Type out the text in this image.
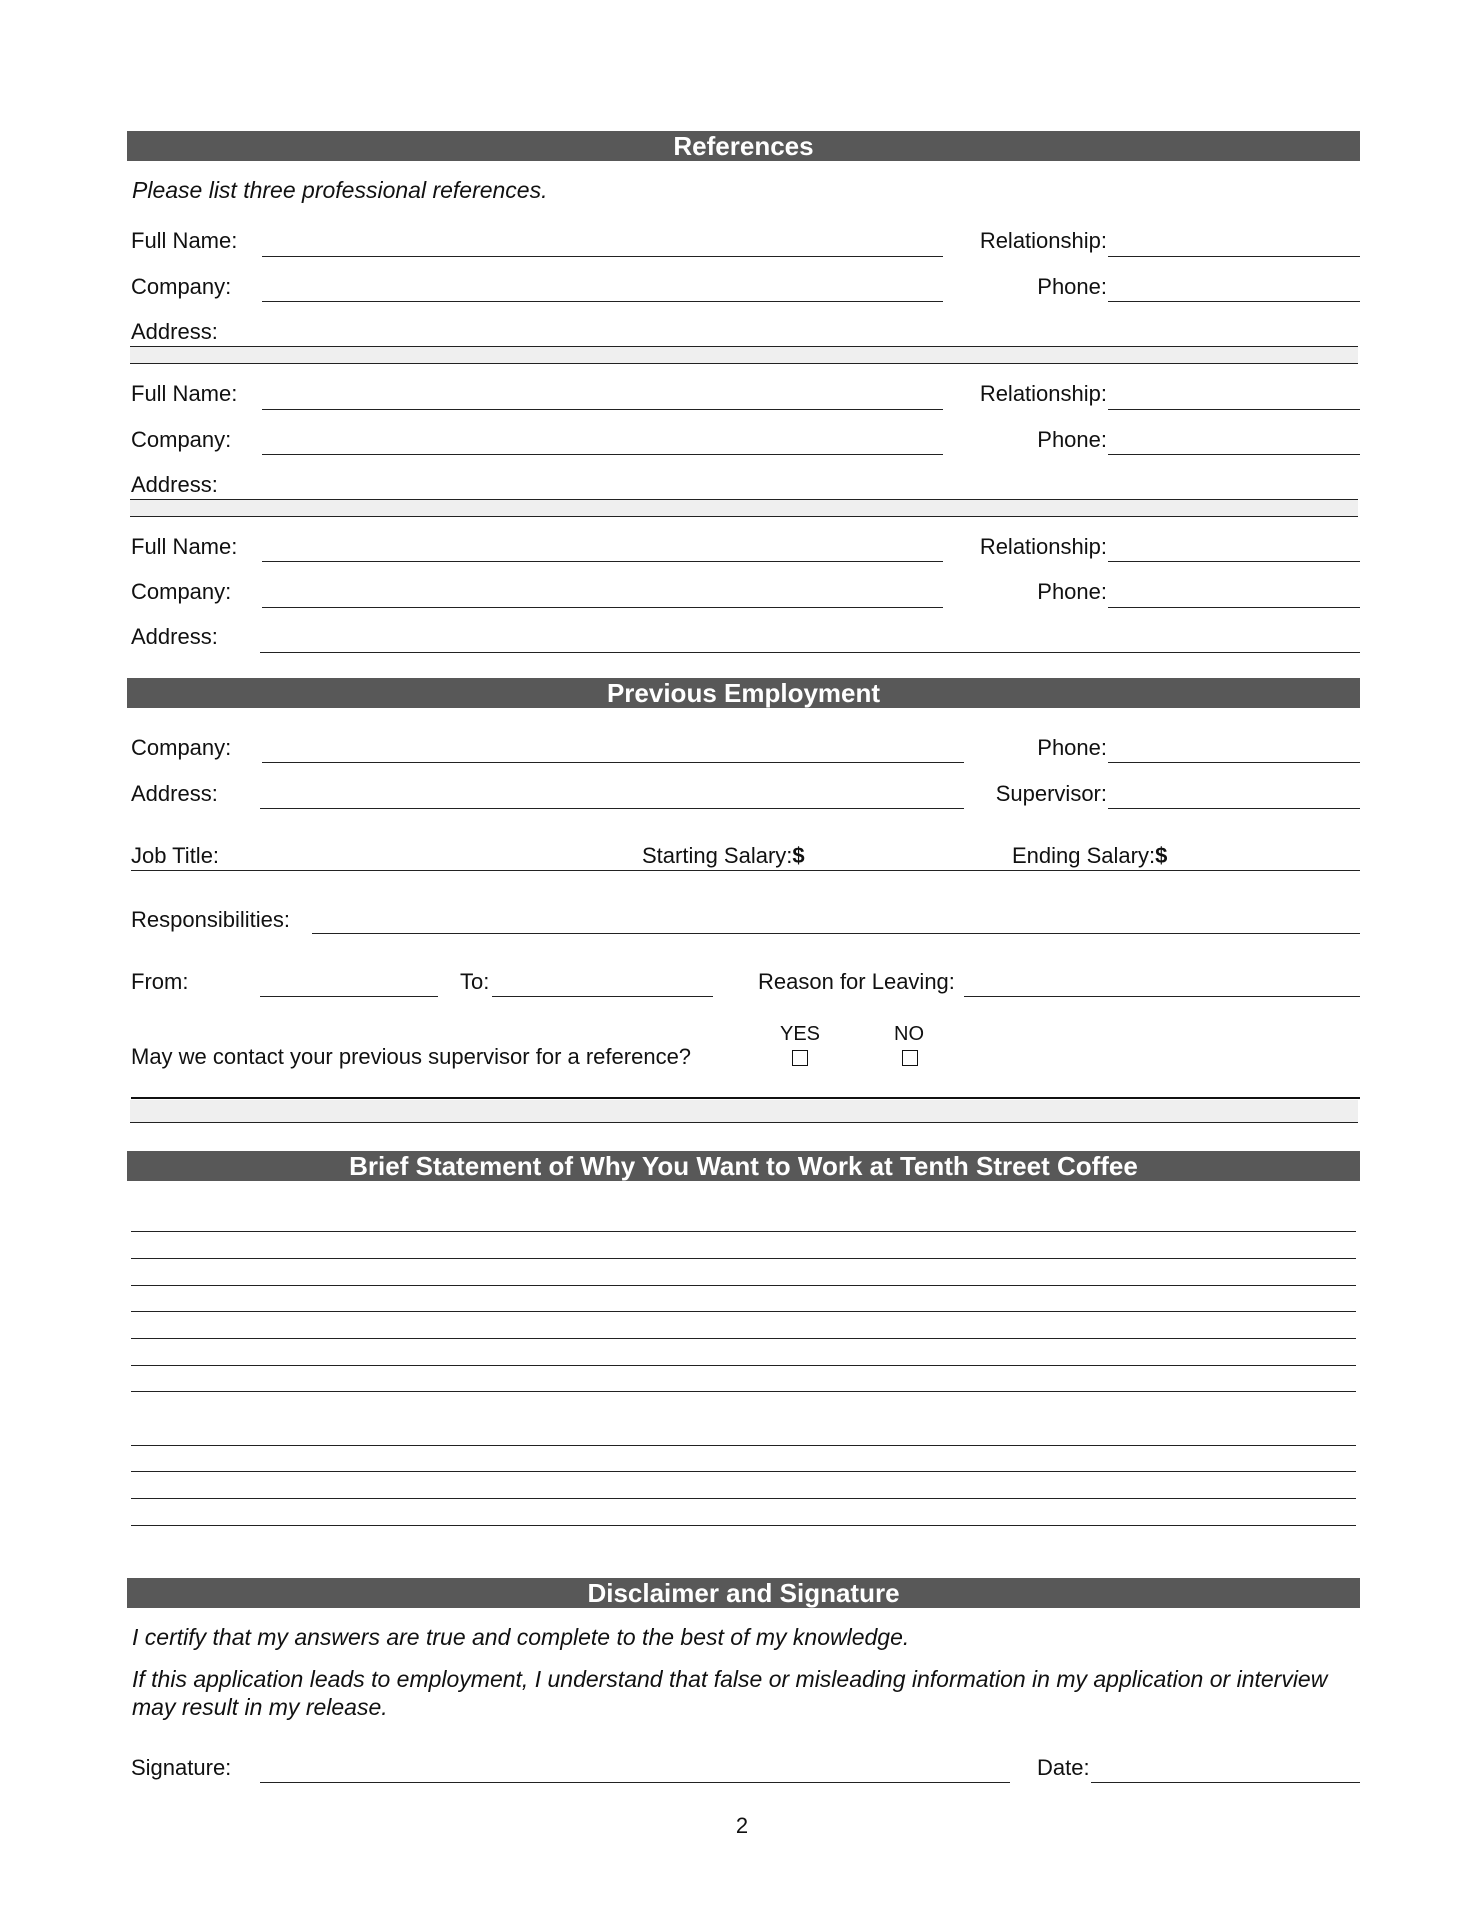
References
Please list three professional references.
Full Name:	Relationship:
Company:	Phone:
Address:
Full Name:	Relationship:
Company:	Phone:
Address:
Full Name:	Relationship:
Company:	Phone:
Address:
Previous Employment
Company:	Phone:
Address:	Supervisor:
Job Title:	Starting Salary:$	Ending Salary:$
Responsibilities:
From:	To:	Reason for Leaving:
YES	NO
May we contact your previous supervisor for a reference?
Brief Statement of Why You Want to Work at Tenth Street Coffee
Disclaimer and Signature
I certify that my answers are true and complete to the best of my knowledge.
If this application leads to employment, I understand that false or misleading information in my application or interview may result in my release.
Signature:	Date:
2
